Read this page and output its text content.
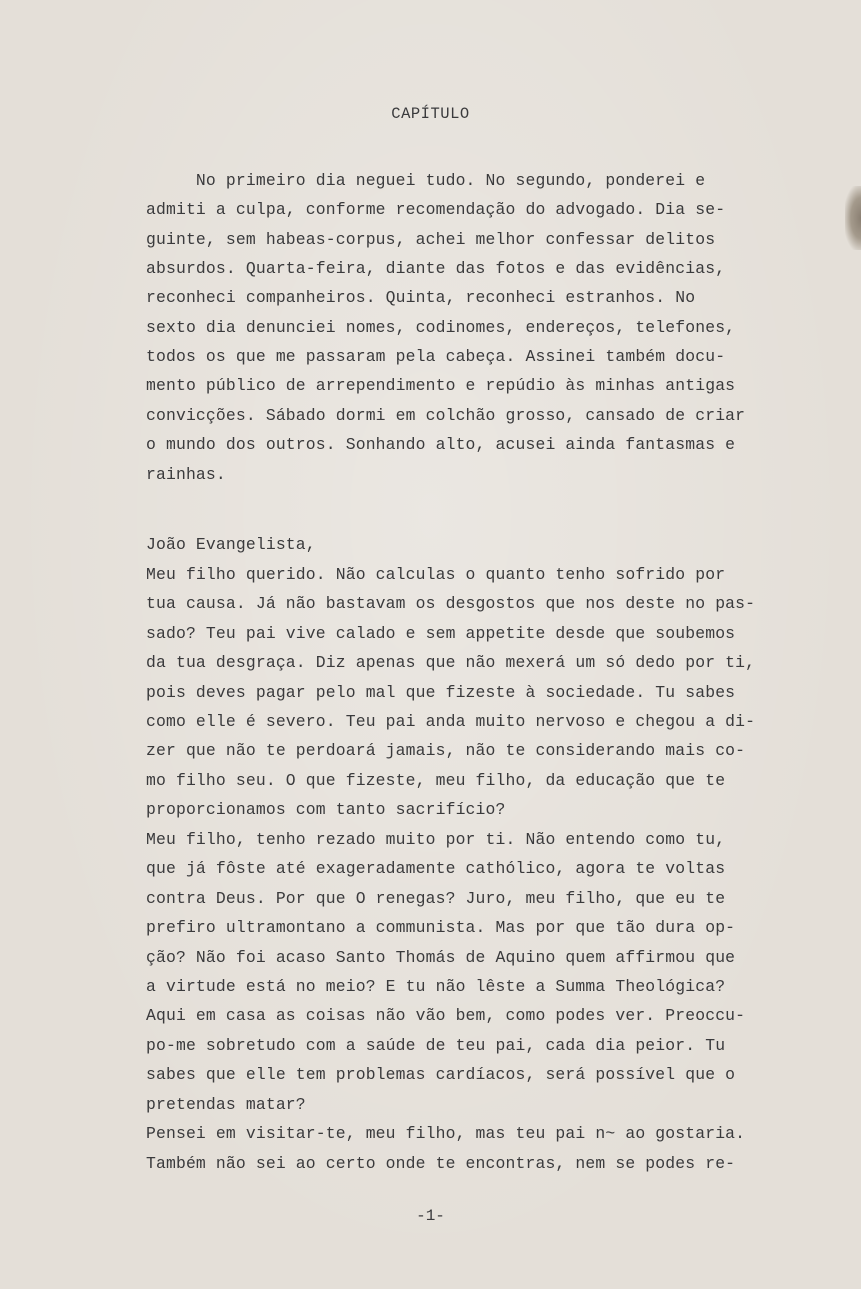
CAPÍTULO
No primeiro dia neguei tudo. No segundo, ponderei e
admiti a culpa, conforme recomendação do advogado. Dia se-
guinte, sem habeas-corpus, achei melhor confessar delitos
absurdos. Quarta-feira, diante das fotos e das evidências,
reconheci companheiros. Quinta, reconheci estranhos. No
sexto dia denunciei nomes, codinomes, endereços, telefones,
todos os que me passaram pela cabeça. Assinei também docu-
mento público de arrependimento e repúdio às minhas antigas
convicções. Sábado dormi em colchão grosso, cansado de criar
o mundo dos outros. Sonhando alto, acusei ainda fantasmas e
rainhas.
João Evangelista,
Meu filho querido. Não calculas o quanto tenho sofrido por
tua causa. Já não bastavam os desgostos que nos deste no pas-
sado? Teu pai vive calado e sem appetite desde que soubemos
da tua desgraça. Diz apenas que não mexerá um só dedo por ti,
pois deves pagar pelo mal que fizeste à sociedade. Tu sabes
como elle é severo. Teu pai anda muito nervoso e chegou a di-
zer que não te perdoará jamais, não te considerando mais co-
mo filho seu. O que fizeste, meu filho, da educação que te
proporcionamos com tanto sacrifício?
Meu filho, tenho rezado muito por ti. Não entendo como tu,
que já fôste até exageradamente cathólico, agora te voltas
contra Deus. Por que O renegas? Juro, meu filho, que eu te
prefiro ultramontano a communista. Mas por que tão dura op-
ção? Não foi acaso Santo Thomás de Aquino quem affirmou que
a virtude está no meio? E tu não lêste a Summa Theológica?
Aqui em casa as coisas não vão bem, como podes ver. Preoccu-
po-me sobretudo com a saúde de teu pai, cada dia peior. Tu
sabes que elle tem problemas cardíacos, será possível que o
pretendas matar?
Pensei em visitar-te, meu filho, mas teu pai n~ ao gostaria.
Também não sei ao certo onde te encontras, nem se podes re-
-1-
